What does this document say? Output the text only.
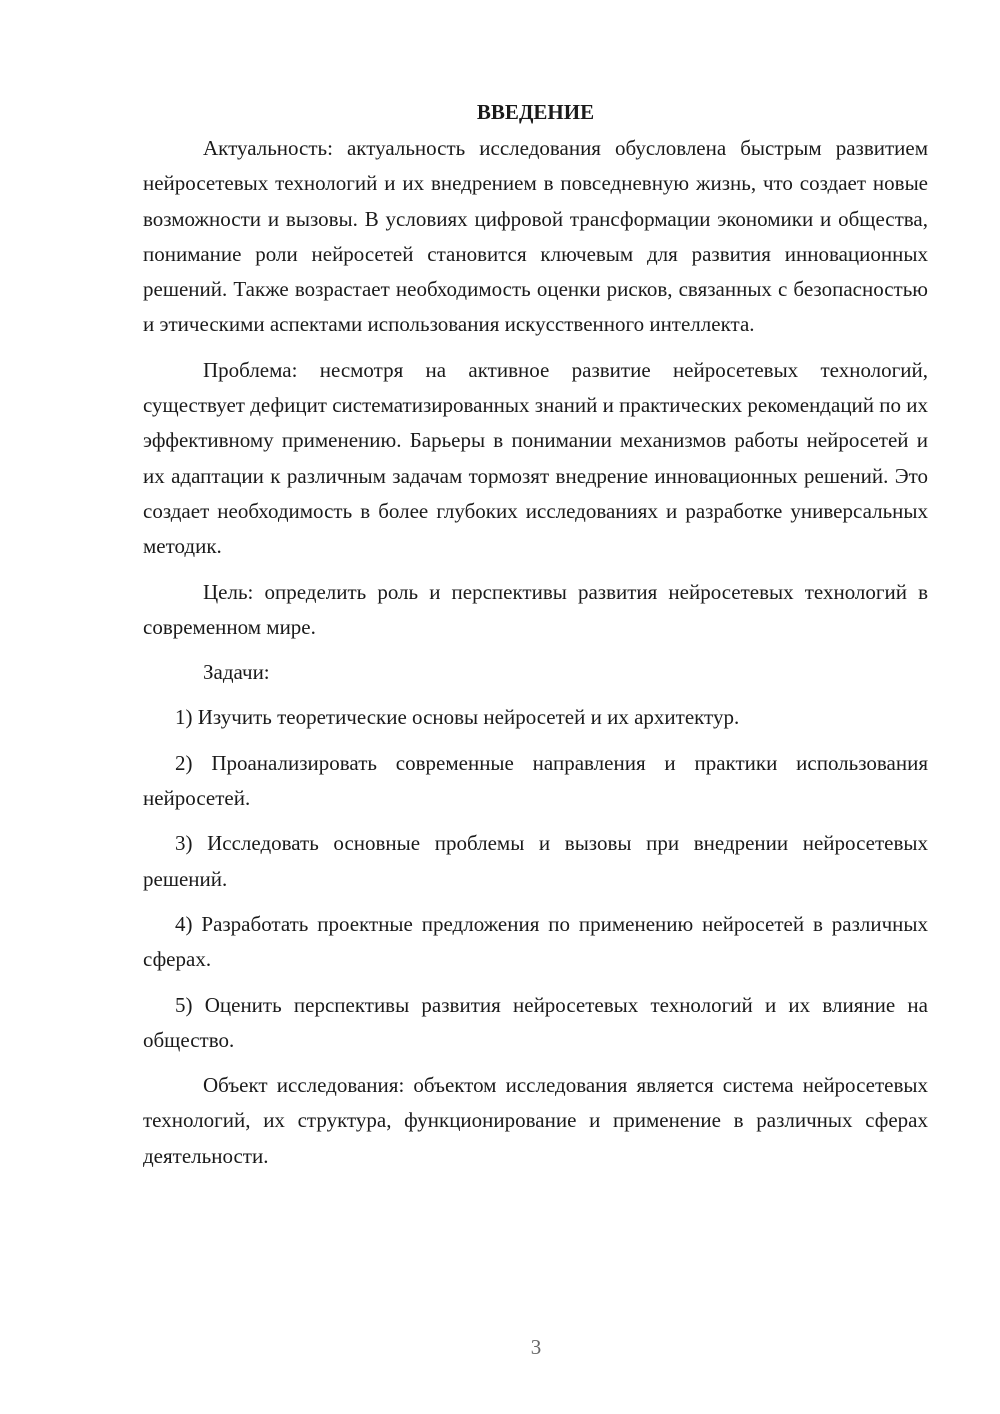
ВВЕДЕНИЕ

Актуальность: актуальность исследования обусловлена быстрым развитием нейросетевых технологий и их внедрением в повседневную жизнь, что создает новые возможности и вызовы. В условиях цифровой трансформации экономики и общества, понимание роли нейросетей становится ключевым для развития инновационных решений. Также возрастает необходимость оценки рисков, связанных с безопасностью и этическими аспектами использования искусственного интеллекта.

Проблема: несмотря на активное развитие нейросетевых технологий, существует дефицит систематизированных знаний и практических рекомендаций по их эффективному применению. Барьеры в понимании механизмов работы нейросетей и их адаптации к различным задачам тормозят внедрение инновационных решений. Это создает необходимость в более глубоких исследованиях и разработке универсальных методик.

Цель: определить роль и перспективы развития нейросетевых технологий в современном мире.

Задачи:

1) Изучить теоретические основы нейросетей и их архитектур.

2) Проанализировать современные направления и практики использования нейросетей.

3) Исследовать основные проблемы и вызовы при внедрении нейросетевых решений.

4) Разработать проектные предложения по применению нейросетей в различных сферах.

5) Оценить перспективы развития нейросетевых технологий и их влияние на общество.

Объект исследования: объектом исследования является система нейросетевых технологий, их структура, функционирование и применение в различных сферах деятельности.

3
